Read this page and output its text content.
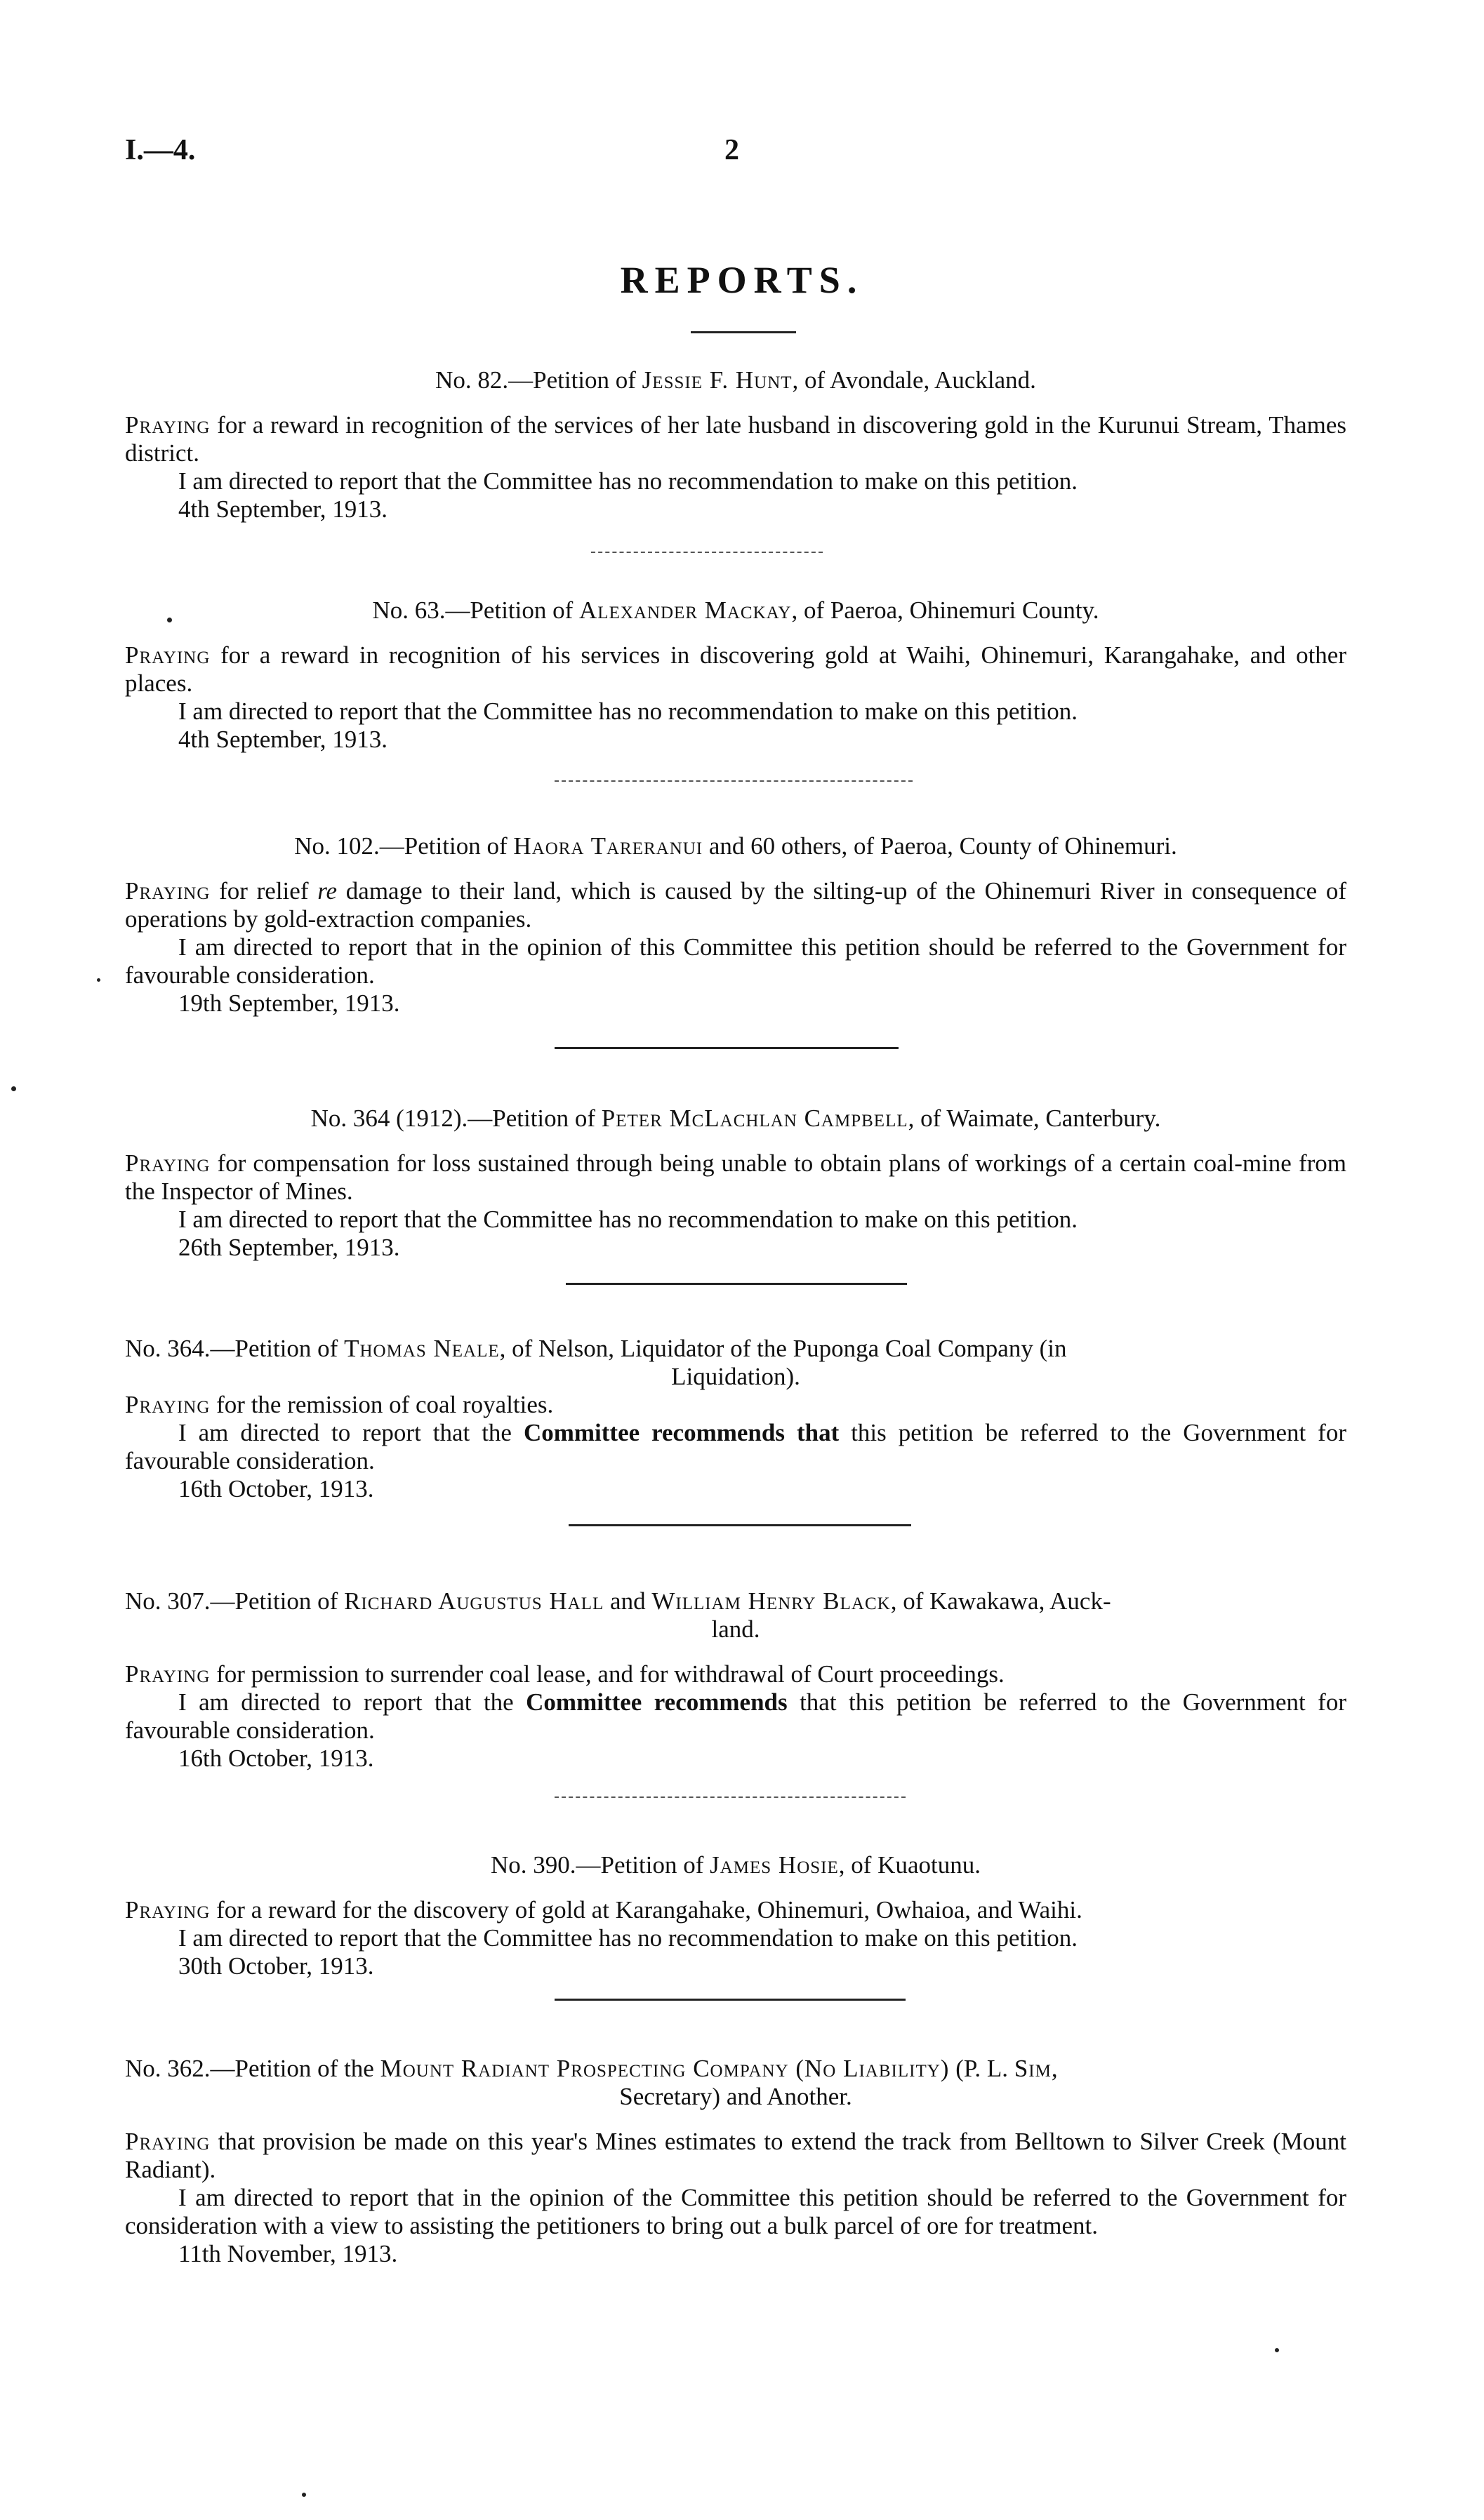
I.—4.	2
REPORTS.
No. 82.—Petition of Jessie F. Hunt, of Avondale, Auckland.
Praying for a reward in recognition of the services of her late husband in discovering gold in the Kurunui Stream, Thames district.
I am directed to report that the Committee has no recommendation to make on this petition.
4th September, 1913.
No. 63.—Petition of Alexander Mackay, of Paeroa, Ohinemuri County.
Praying for a reward in recognition of his services in discovering gold at Waihi, Ohinemuri, Karangahake, and other places.
I am directed to report that the Committee has no recommendation to make on this petition.
4th September, 1913.
No. 102.—Petition of Haora Tareranui and 60 others, of Paeroa, County of Ohinemuri.
Praying for relief re damage to their land, which is caused by the silting-up of the Ohinemuri River in consequence of operations by gold-extraction companies.
I am directed to report that in the opinion of this Committee this petition should be referred to the Government for favourable consideration.
19th September, 1913.
No. 364 (1912).—Petition of Peter McLachlan Campbell, of Waimate, Canterbury.
Praying for compensation for loss sustained through being unable to obtain plans of workings of a certain coal-mine from the Inspector of Mines.
I am directed to report that the Committee has no recommendation to make on this petition.
26th September, 1913.
No. 364.—Petition of Thomas Neale, of Nelson, Liquidator of the Puponga Coal Company (in
Liquidation).
Praying for the remission of coal royalties.
I am directed to report that the Committee recommends that this petition be referred to the Government for favourable consideration.
16th October, 1913.
No. 307.—Petition of Richard Augustus Hall and William Henry Black, of Kawakawa, Auck-
land.
Praying for permission to surrender coal lease, and for withdrawal of Court proceedings.
I am directed to report that the Committee recommends that this petition be referred to the Government for favourable consideration.
16th October, 1913.
No. 390.—Petition of James Hosie, of Kuaotunu.
Praying for a reward for the discovery of gold at Karangahake, Ohinemuri, Owhaioa, and Waihi.
I am directed to report that the Committee has no recommendation to make on this petition.
30th October, 1913.
No. 362.—Petition of the Mount Radiant Prospecting Company (No Liability) (P. L. Sim,
Secretary) and Another.
Praying that provision be made on this year's Mines estimates to extend the track from Belltown to Silver Creek (Mount Radiant).
I am directed to report that in the opinion of the Committee this petition should be referred to the Government for consideration with a view to assisting the petitioners to bring out a bulk parcel of ore for treatment.
11th November, 1913.
